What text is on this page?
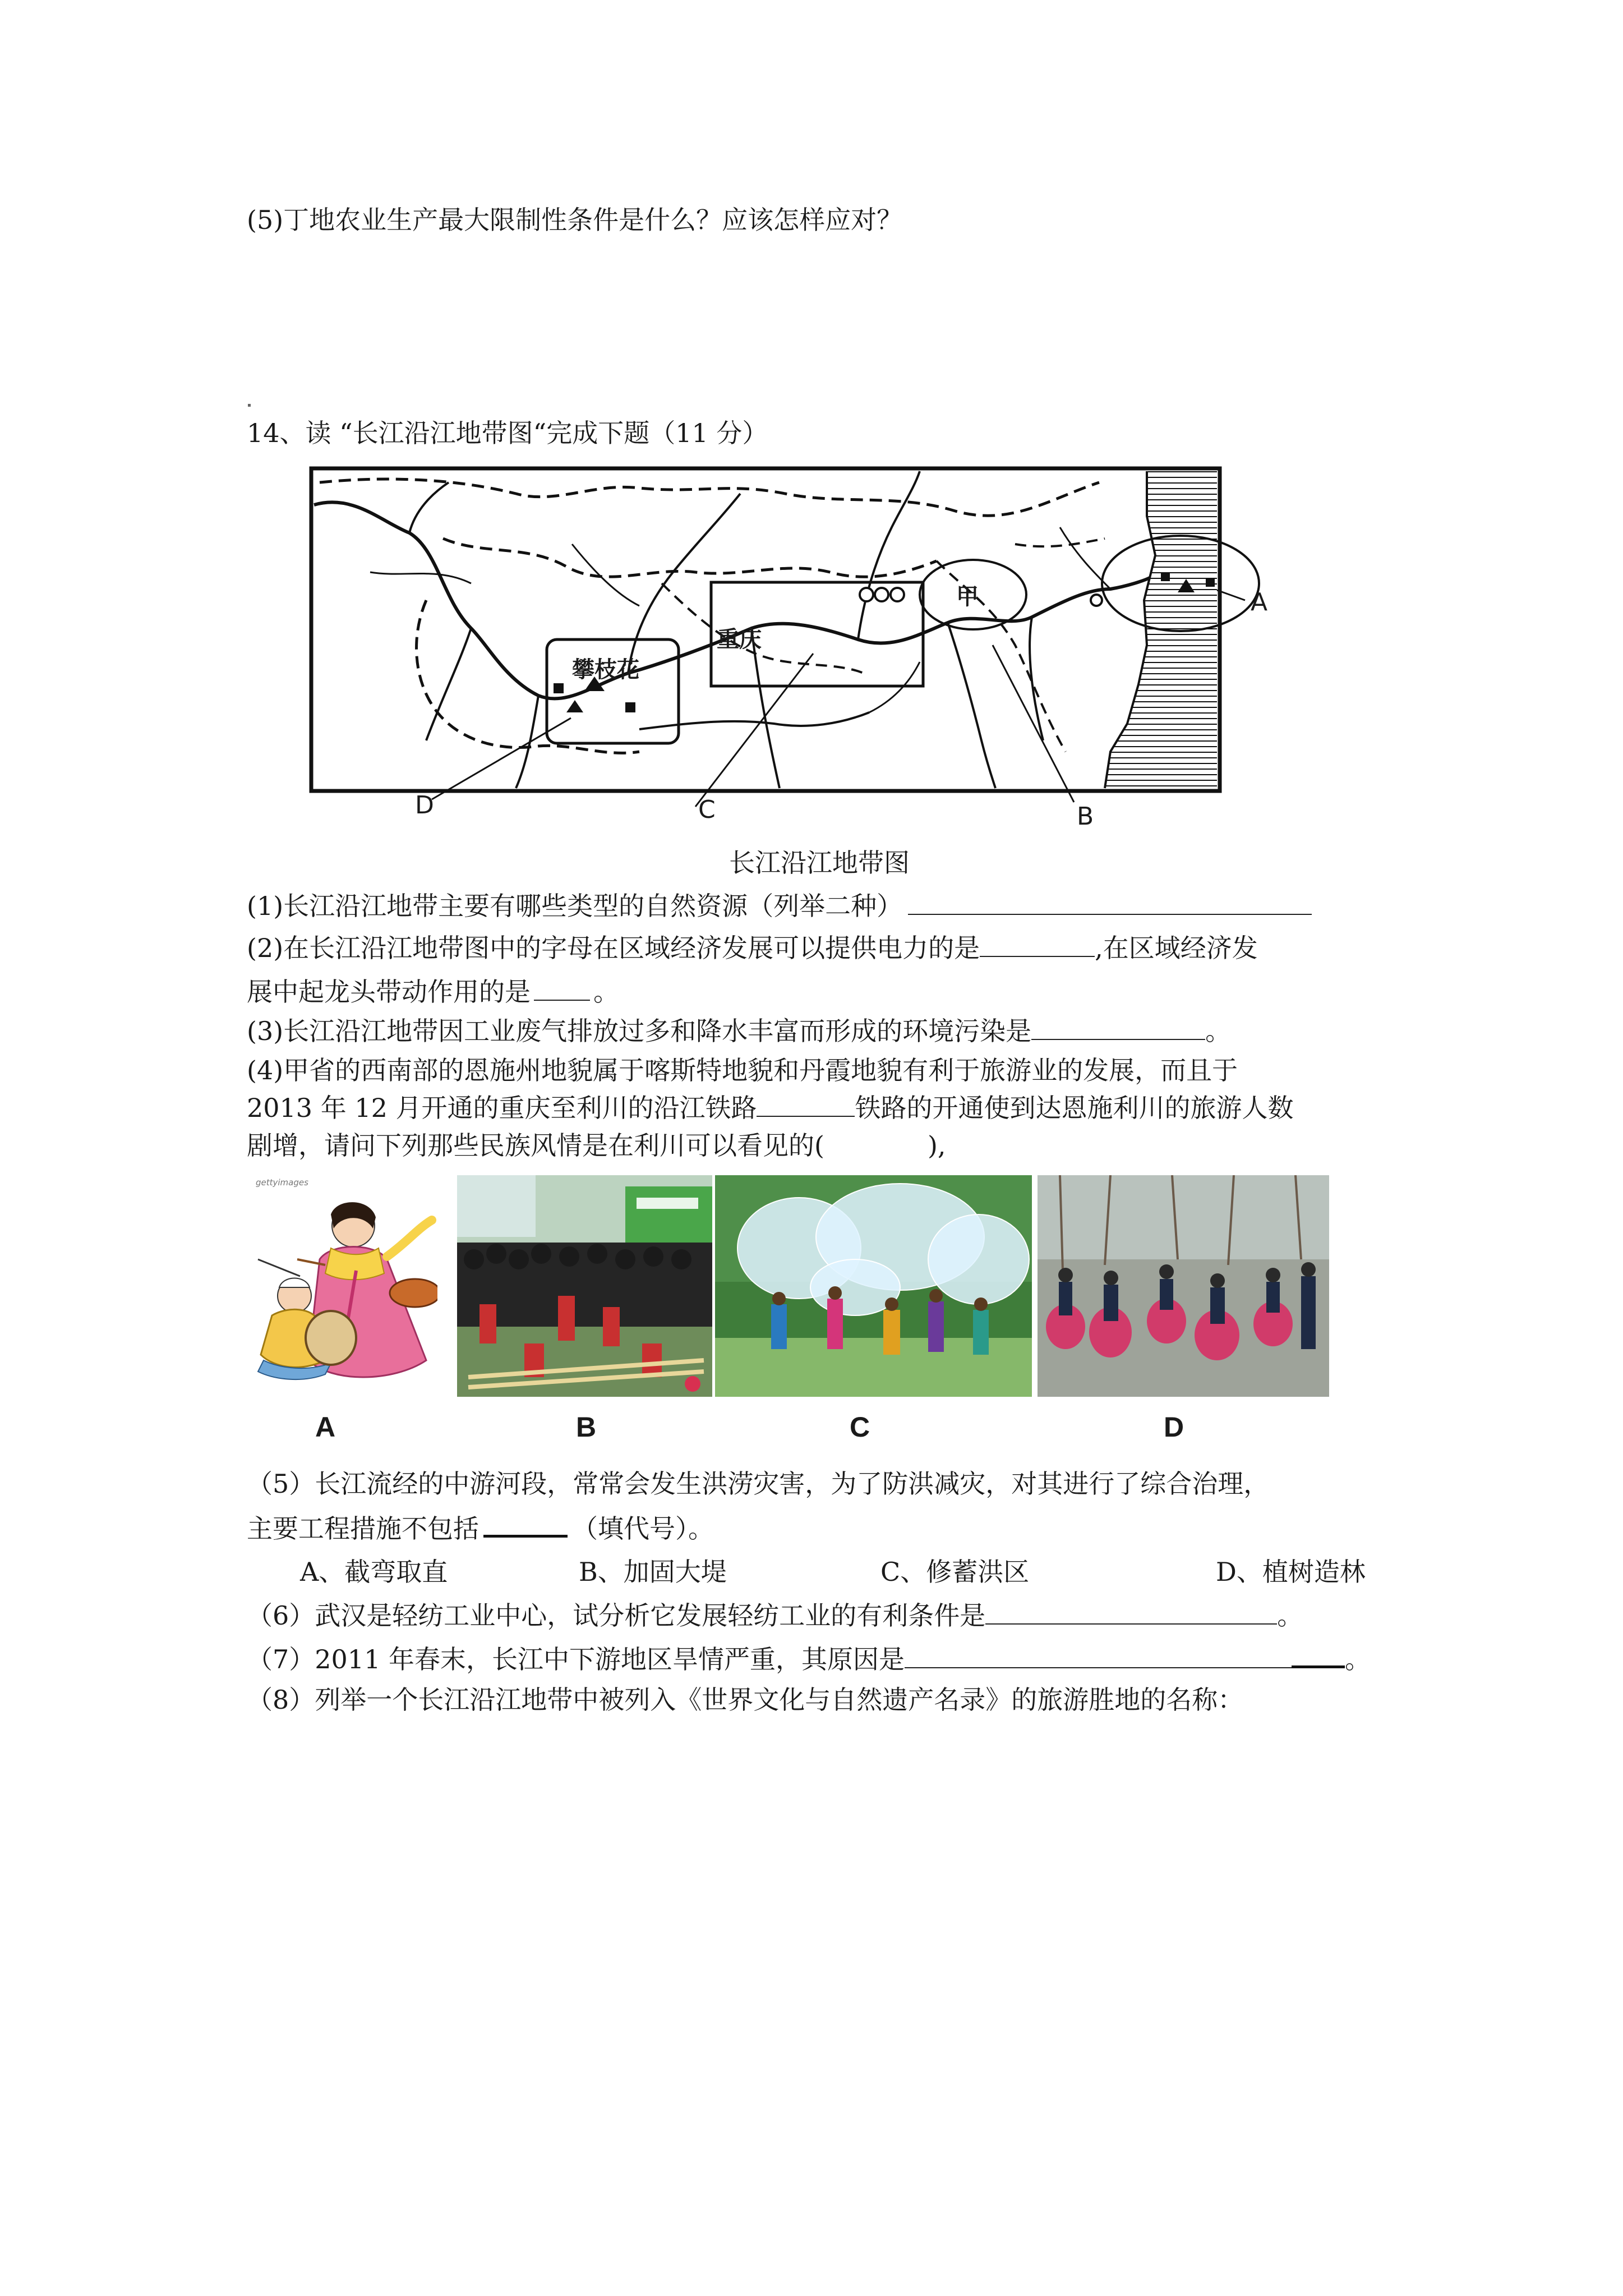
(5)丁地农业生产最大限制性条件是什么？应该怎样应对？
14、读 “长江沿江地带图“完成下题（11 分）
攀枝花
重庆
甲	A
B
C
D
长江沿江地带图
(1)长江沿江地带主要有哪些类型的自然资源（列举二种）
(2)在长江沿江地带图中的字母在区域经济发展可以提供电力的是	,在区域经济发
展中起龙头带动作用的是 。
(3)长江沿江地带因工业废气排放过多和降水丰富而形成的环境污染是	。
(4)甲省的西南部的恩施州地貌属于喀斯特地貌和丹霞地貌有利于旅游业的发展，而且于
2013 年 12 月开通的重庆至利川的沿江铁路	铁路的开通使到达恩施利川的旅游人数
剧增，请问下列那些民族风情是在利川可以看见的(　　　　),
gettyimages
A	B	C	D
（5）长江流经的中游河段，常常会发生洪涝灾害，为了防洪减灾，对其进行了综合治理，
主要工程措施不包括	（填代号）。
A、截弯取直	B、加固大堤	C、修蓄洪区	D、植树造林
（6）武汉是轻纺工业中心，试分析它发展轻纺工业的有利条件是	。
（7）2011 年春末，长江中下游地区旱情严重，其原因是	。
（8）列举一个长江沿江地带中被列入《世界文化与自然遗产名录》的旅游胜地的名称：
